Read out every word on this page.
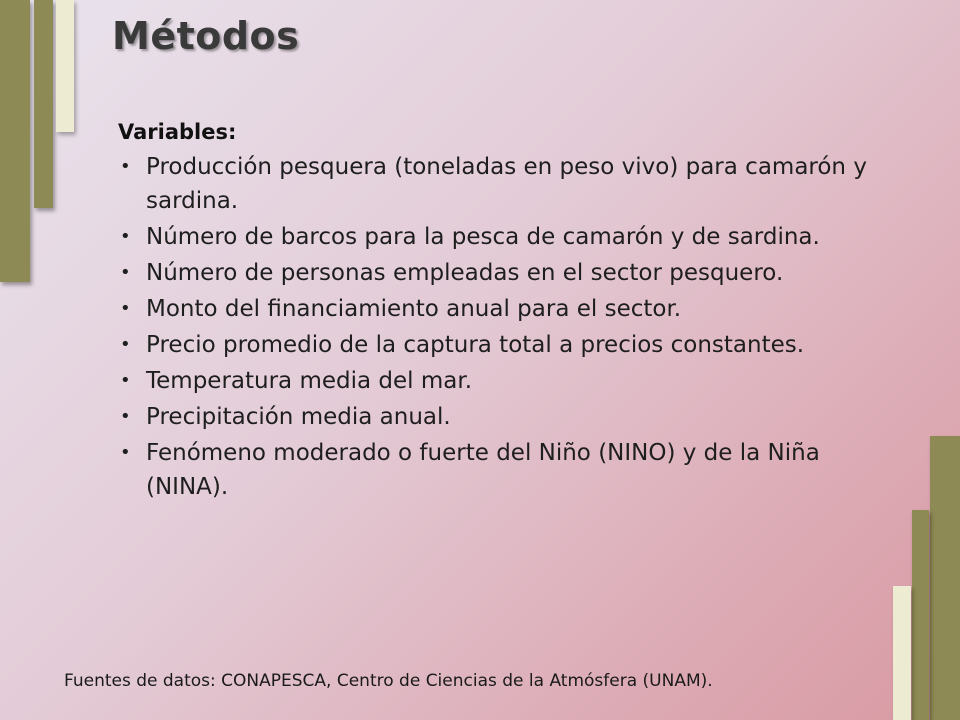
Métodos
Variables:
• Producción pesquera (toneladas en peso vivo) para camarón y sardina.
• Número de barcos para la pesca de camarón y de sardina.
• Número de personas empleadas en el sector pesquero.
• Monto del financiamiento anual para el sector.
• Precio promedio de la captura total a precios constantes.
• Temperatura media del mar.
• Precipitación media anual.
• Fenómeno moderado o fuerte del Niño (NINO) y de la Niña (NINA).
Fuentes de datos: CONAPESCA, Centro de Ciencias de la Atmósfera (UNAM).
